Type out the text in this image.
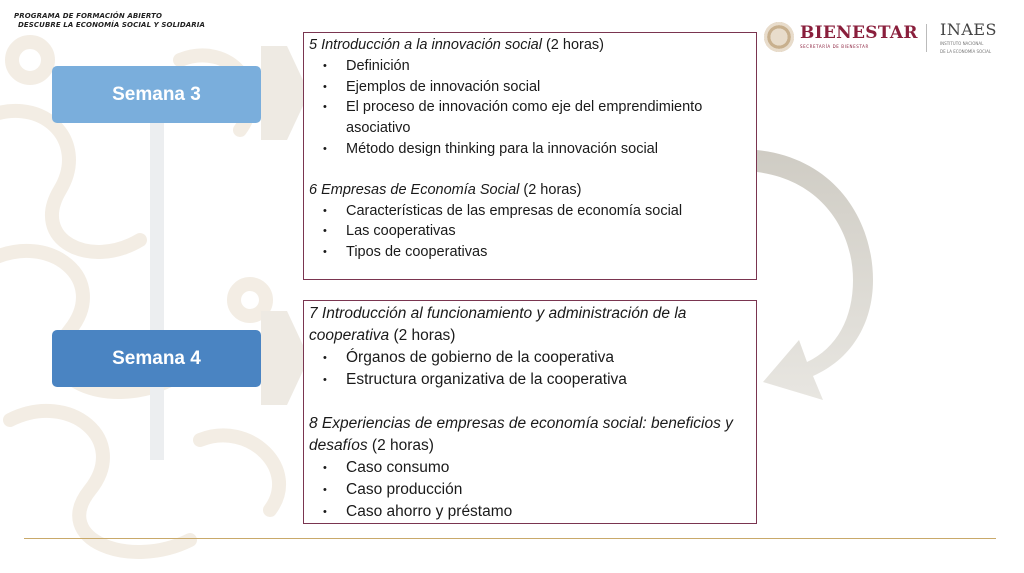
PROGRAMA DE FORMACIÓN ABIERTO
DESCUBRE LA ECONOMÍA SOCIAL Y SOLIDARIA	BIENESTAR
SECRETARÍA DE BIENESTAR
INAES
INSTITUTO NACIONAL
DE LA ECONOMÍA SOCIAL
Semana 3
Semana 4
5 Introducción a la innovación social (2 horas)
• Definición
• Ejemplos de innovación social
• El proceso de innovación como eje del emprendimiento asociativo
• Método design thinking para la innovación social
6 Empresas de Economía Social (2 horas)
• Características de las empresas de economía social
• Las cooperativas
• Tipos de cooperativas
7 Introducción al funcionamiento y administración de la cooperativa (2 horas)
• Órganos de gobierno de la cooperativa
• Estructura organizativa de la cooperativa
8 Experiencias de empresas de economía social: beneficios y desafíos (2 horas)
• Caso consumo
• Caso producción
• Caso ahorro y préstamo
